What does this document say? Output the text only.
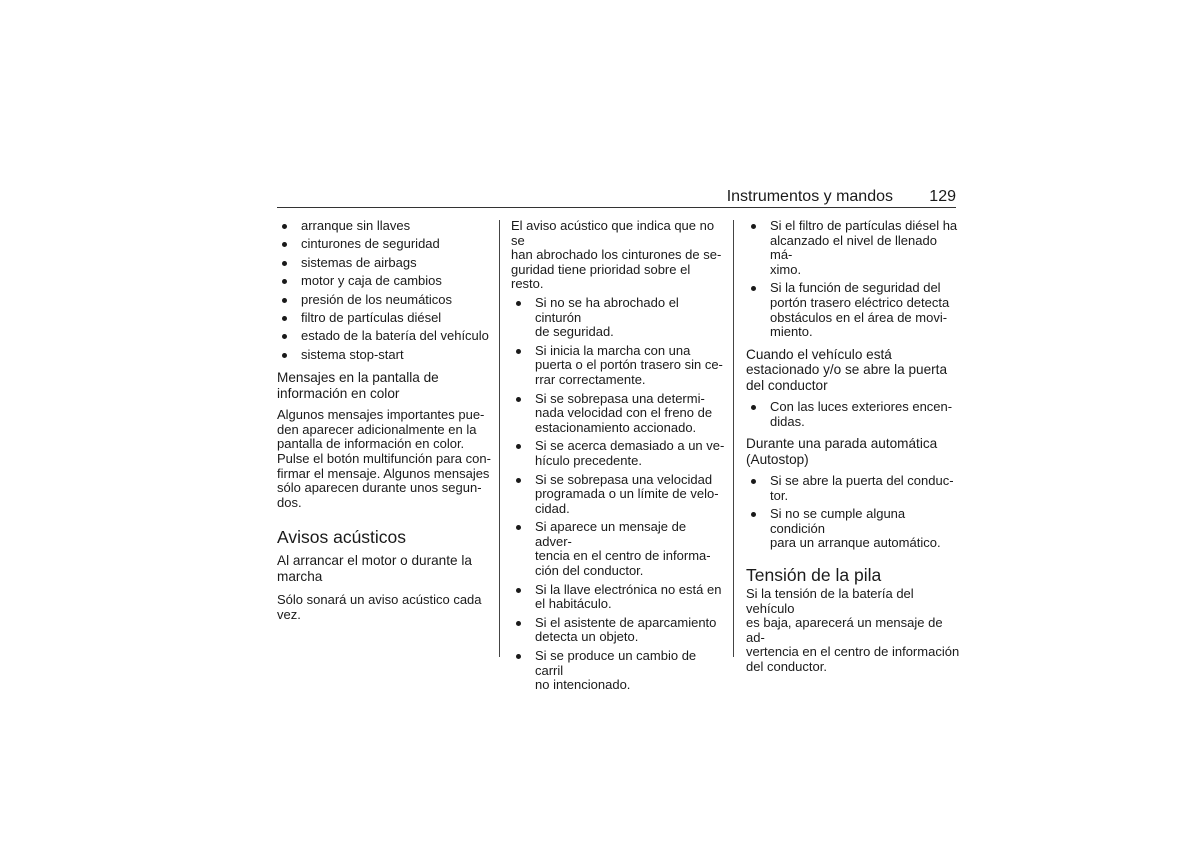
Instrumentos y mandos 129
arranque sin llaves
cinturones de seguridad
sistemas de airbags
motor y caja de cambios
presión de los neumáticos
filtro de partículas diésel
estado de la batería del vehículo
sistema stop-start
Mensajes en la pantalla de
información en color
Algunos mensajes importantes pue-
den aparecer adicionalmente en la
pantalla de información en color.
Pulse el botón multifunción para con-
firmar el mensaje. Algunos mensajes
sólo aparecen durante unos segun-
dos.
Avisos acústicos
Al arrancar el motor o durante la
marcha
Sólo sonará un aviso acústico cada
vez.
El aviso acústico que indica que no se
han abrochado los cinturones de se-
guridad tiene prioridad sobre el resto.
Si no se ha abrochado el cinturón
de seguridad.
Si inicia la marcha con una
puerta o el portón trasero sin ce-
rrar correctamente.
Si se sobrepasa una determi-
nada velocidad con el freno de
estacionamiento accionado.
Si se acerca demasiado a un ve-
hículo precedente.
Si se sobrepasa una velocidad
programada o un límite de velo-
cidad.
Si aparece un mensaje de adver-
tencia en el centro de informa-
ción del conductor.
Si la llave electrónica no está en
el habitáculo.
Si el asistente de aparcamiento
detecta un objeto.
Si se produce un cambio de carril
no intencionado.
Si el filtro de partículas diésel ha
alcanzado el nivel de llenado má-
ximo.
Si la función de seguridad del
portón trasero eléctrico detecta
obstáculos en el área de movi-
miento.
Cuando el vehículo está
estacionado y/o se abre la puerta
del conductor
Con las luces exteriores encen-
didas.
Durante una parada automática
(Autostop)
Si se abre la puerta del conduc-
tor.
Si no se cumple alguna condición
para un arranque automático.
Tensión de la pila
Si la tensión de la batería del vehículo
es baja, aparecerá un mensaje de ad-
vertencia en el centro de información
del conductor.
